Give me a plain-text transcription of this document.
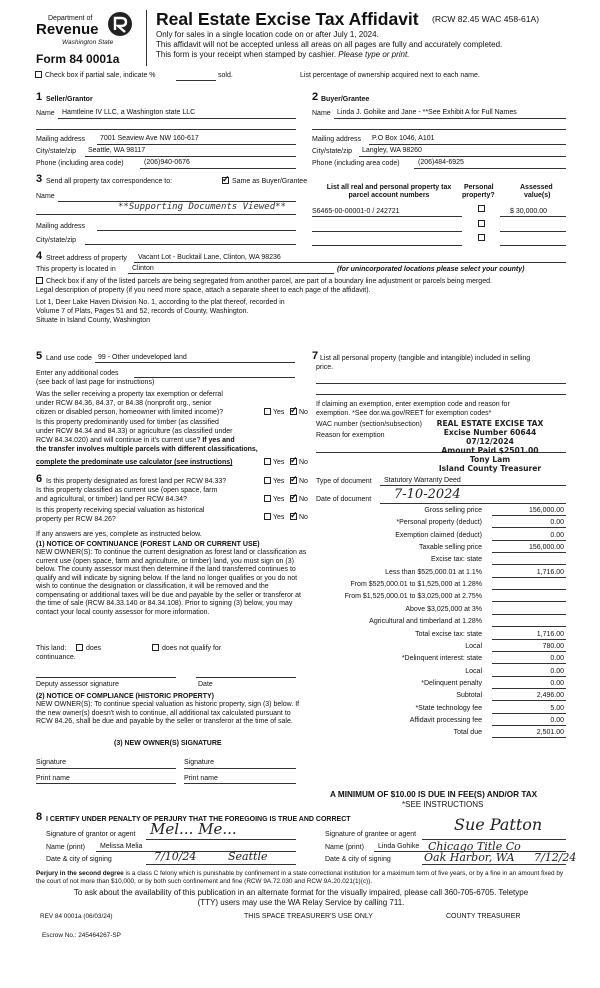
Department of
Revenue
Washington State
Form 84 0001a
Real Estate Excise Tax Affidavit (RCW 82.45 WAC 458-61A)
Only for sales in a single location code on or after July 1, 2024.
This affidavit will not be accepted unless all areas on all pages are fully and accurately completed.
This form is your receipt when stamped by cashier. Please type or print.
Check box if partial sale, indicate %	sold.	List percentage of ownership acquired next to each name.
1 Seller/Grantor
Name Hamtleine IV LLC, a Washington state LLC
Mailing address 7001 Seaview Ave NW 160-617
City/state/zip Seattle, WA 98117
Phone (including area code)	(206)940-0676
2 Buyer/Grantee
Name Linda J. Gohike and Jane - **See Exhibit A for Full Names
Mailing address P.O Box 1046, A101
City/state/zip Langley, WA 98260
Phone (including area code)	(206)484-6925
3 Send all property tax correspondence to: ✓	Same as Buyer/Grantee
Name
**Supporting Documents Viewed**
Mailing address
City/state/zip
List all real and personal property tax
parcel account numbers
Personal
property?
Assessed
value(s)
S6465-00-00001-0 / 242721	$ 30,000.00
4 Street address of property Vacant Lot - Bucktail Lane, Clinton, WA 98236
This property is located in Clinton	(for unincorporated locations please select your county)
Check box if any of the listed parcels are being segregated from another parcel, are part of a boundary line adjustment or parcels being merged.
Legal description of property (if you need more space, attach a separate sheet to each page of the affidavit).
Lot 1, Deer Lake Haven Division No. 1, according to the plat thereof, recorded in
Volume 7 of Plats, Pages 51 and 52, records of County, Washington.
Situate in Island County, Washington
5 Land use code 99 - Other undeveloped land
Enter any additional codes
(see back of last page for instructions)
Was the seller receiving a property tax exemption or deferral
under RCW 84.36, 84.37, or 84.38 (nonprofit org., senior
citizen or disabled person, homeowner with limited income)?	Yes ✓ No
Is this property predominantly used for timber (as classified
under RCW 84.34 and 84.33) or agriculture (as classified under
RCW 84.34.020) and will continue in it's current use? If yes and
the transfer involves multiple parcels with different classifications,
complete the predominate use calculator (see instructions)	Yes ✓ No
7 List all personal property (tangible and intangible) included in selling
price.
If claiming an exemption, enter exemption code and reason for
exemption. *See dor.wa.gov/REET for exemption codes*
WAC number (section/subsection)
Reason for exemption
REAL ESTATE EXCISE TAX
Excise Number 60644
07/12/2024
Amount Paid $2501.00
Tony Lam
Island County Treasurer
6 Is this property designated as forest land per RCW 84.33?	Yes ✓ No
Is this property classified as current use (open space, farm
and agricultural, or timber) land per RCW 84.34?	Yes ✓ No
Is this property receiving special valuation as historical
property per RCW 84.26?	Yes ✓ No
If any answers are yes, complete as instructed below.
(1) NOTICE OF CONTINUANCE (FOREST LAND OR CURRENT USE)
NEW OWNER(S): To continue the current designation as forest land or classification as current use (open space, farm and agriculture, or timber) land, you must sign on (3) below. The county assessor must then determine if the land transferred continues to qualify and will indicate by signing below. If the land no longer qualifies or you do not wish to continue the designation or classification, it will be removed and the compensating or additional taxes will be due and payable by the seller or transferor at the time of sale (RCW 84.33.140 or 84.34.108). Prior to signing (3) below, you may contact your local county assessor for more information.
This land:	does	does not qualify for
continuance.
Deputy assessor signature	Date
(2) NOTICE OF COMPLIANCE (HISTORIC PROPERTY)
NEW OWNER(S): To continue special valuation as historic property, sign (3) below. If the new owner(s) doesn't wish to continue, all additional tax calculated pursuant to RCW 84.26, shall be due and payable by the seller or transferor at the time of sale.
(3) NEW OWNER(S) SIGNATURE
Signature	Signature
Print name	Print name
Type of document Statutory Warranty Deed
Date of document 7-10-2024
Gross selling price	156,000.00
*Personal property (deduct)	0.00
Exemption claimed (deduct)	0.00
Taxable selling price	156,000.00
Excise tax: state
Less than $525,000.01 at 1.1%	1,716.00
From $525,000.01 to $1,525,000 at 1.28%
From $1,525,000.01 to $3,025,000 at 2.75%
Above $3,025,000 at 3%
Agricultural and timberland at 1.28%
Total excise tax: state	1,716.00
Local	780.00
*Delinquent interest: state	0.00
Local	0.00
*Delinquent penalty	0.00
Subtotal	2,496.00
*State technology fee	5.00
Affidavit processing fee	0.00
Total due	2,501.00
A MINIMUM OF $10.00 IS DUE IN FEE(S) AND/OR TAX
*SEE INSTRUCTIONS
8 I CERTIFY UNDER PENALTY OF PERJURY THAT THE FOREGOING IS TRUE AND CORRECT
Signature of grantor or agent Mel... Me...
Name (print) Melissa Melia
Date & city of signing	7/10/24	Seattle
Signature of grantee or agent
Sue Patton
Name (print) Linda Gohike Chicago Title Co
Date & city of signing	Oak Harbor, WA 7/12/24
Perjury in the second degree is a class C felony which is punishable by confinement in a state correctional institution for a maximum term of five years, or by a fine in an amount fixed by the court of not more than $10,000, or by both such confinement and fine (RCW 9A.72.030 and RCW 9A.20.021(1)(c)).
To ask about the availability of this publication in an alternate format for the visually impaired, please call 360-705-6705. Teletype
(TTY) users may use the WA Relay Service by calling 711.
REV 84 0001a (06/03/24)	THIS SPACE TREASURER'S USE ONLY	COUNTY TREASURER
Escrow No.: 245464267-SP
